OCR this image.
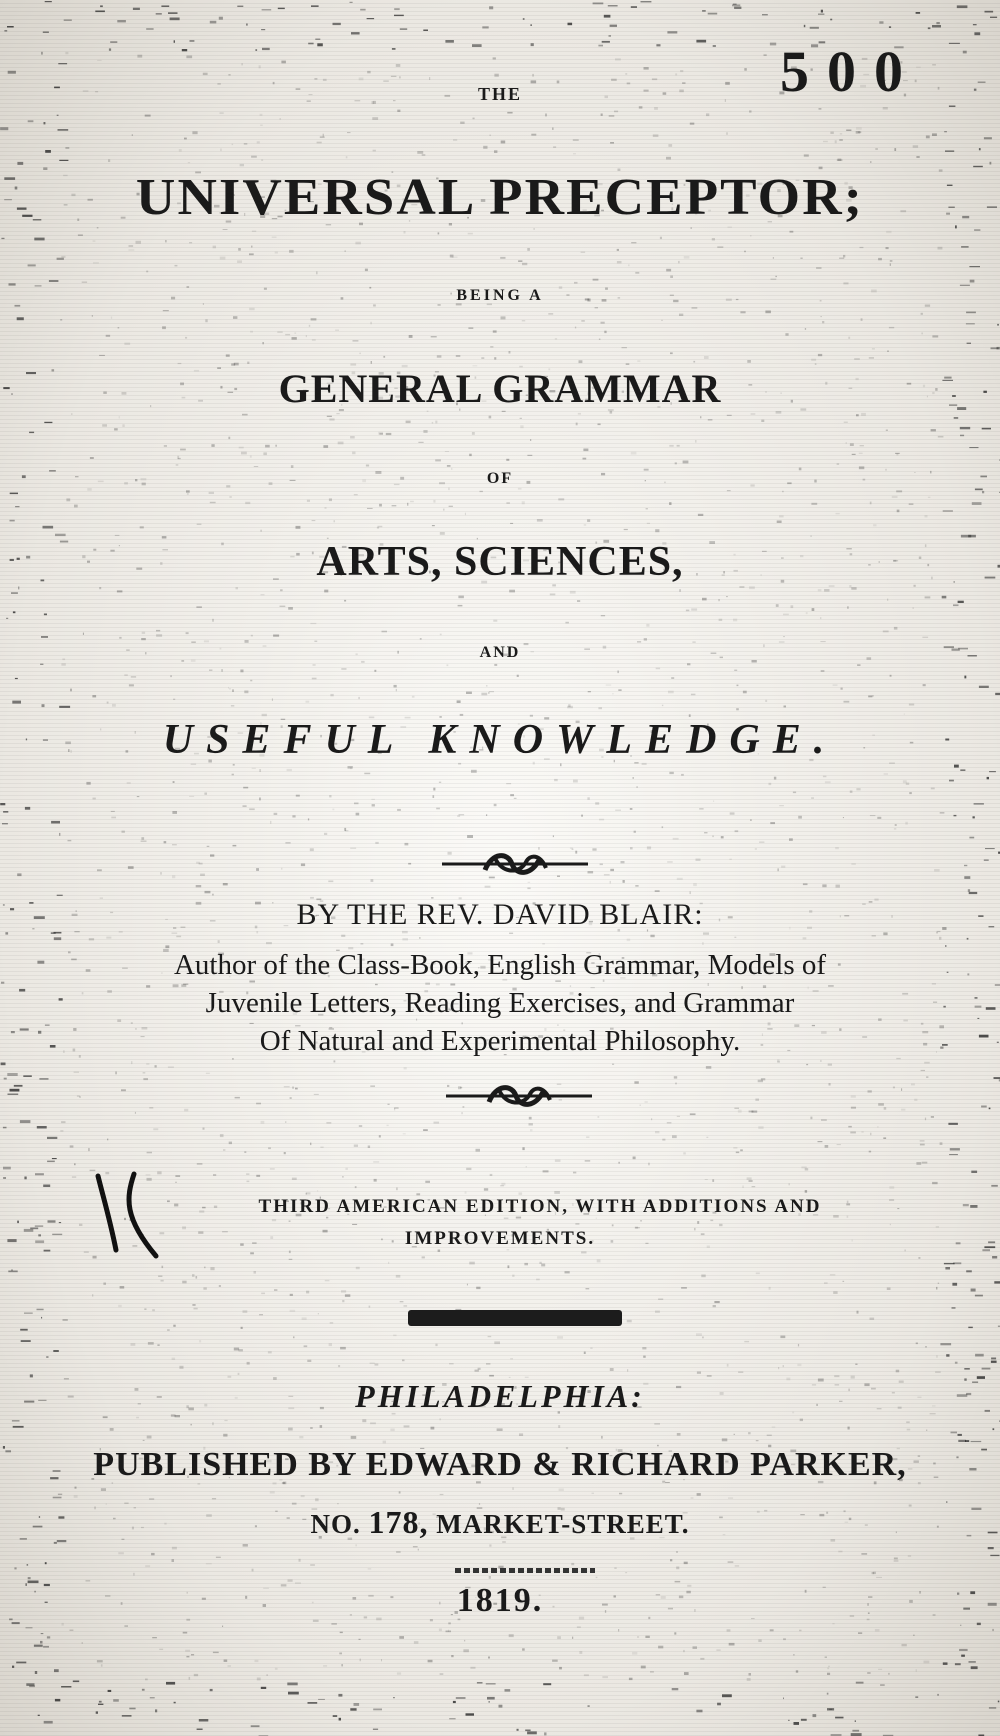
500
THE
UNIVERSAL PRECEPTOR;
BEING A
GENERAL GRAMMAR
OF
ARTS, SCIENCES,
AND
USEFUL KNOWLEDGE.
BY THE REV. DAVID BLAIR:
Author of the Class-Book, English Grammar, Models of
Juvenile Letters, Reading Exercises, and Grammar
Of Natural and Experimental Philosophy.
THIRD AMERICAN EDITION, WITH ADDITIONS AND
IMPROVEMENTS.
PHILADELPHIA:
PUBLISHED BY EDWARD & RICHARD PARKER,
NO. 178, MARKET-STREET.
1819.
